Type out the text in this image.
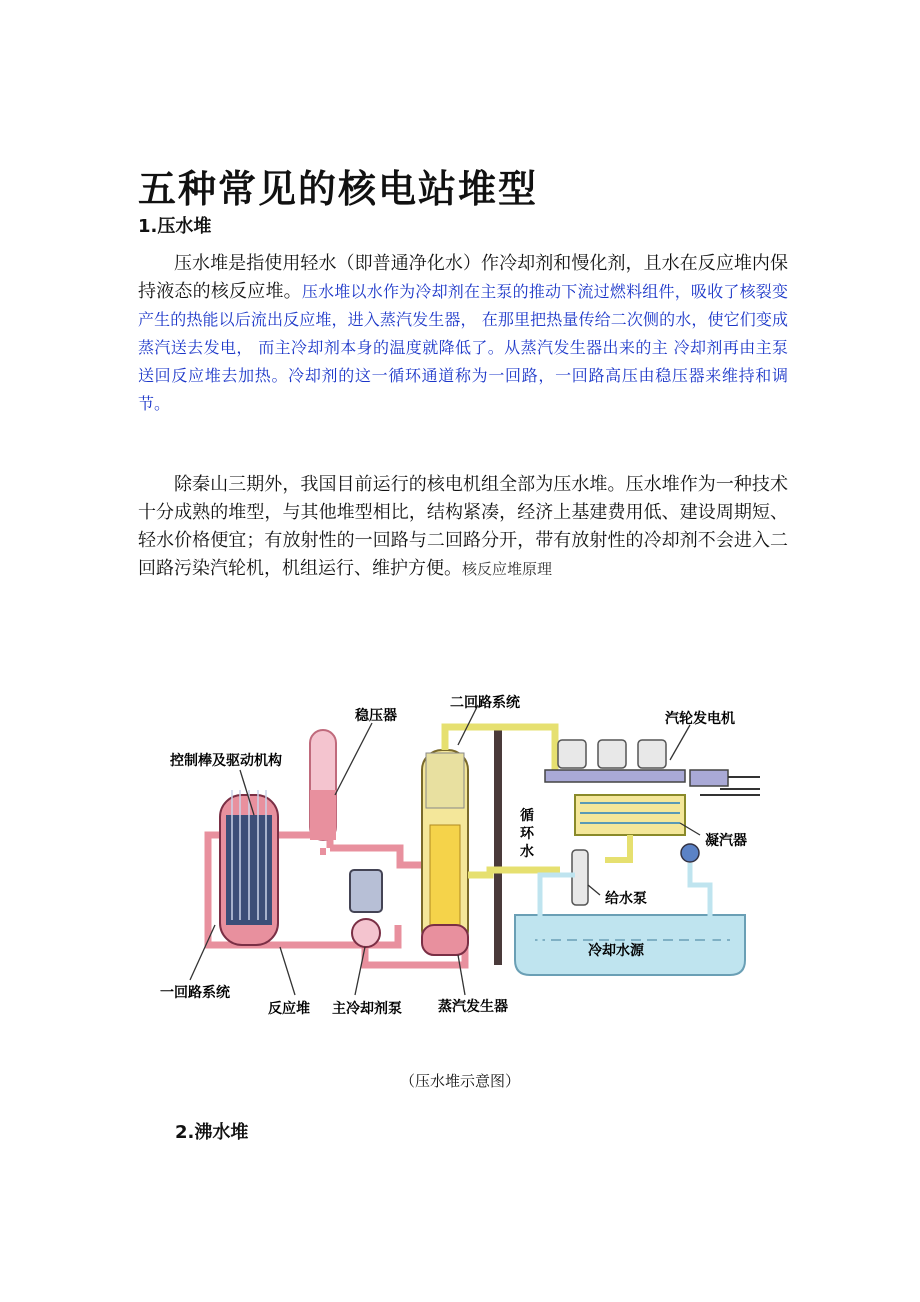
五种常见的核电站堆型
1.压水堆

压水堆是指使用轻水（即普通净化水）作冷却剂和慢化剂，且水在反应堆内保持液态的核反应堆。压水堆以水作为冷却剂在主泵的推动下流过燃料组件，吸收了核裂变产生的热能以后流出反应堆，进入蒸汽发生器， 在那里把热量传给二次侧的水，使它们变成蒸汽送去发电， 而主冷却剂本身的温度就降低了。从蒸汽发生器出来的主 冷却剂再由主泵送回反应堆去加热。冷却剂的这一循环通道称为一回路，一回路高压由稳压器来维持和调节。

除秦山三期外，我国目前运行的核电机组全部为压水堆。压水堆作为一种技术十分成熟的堆型，与其他堆型相比，结构紧凑，经济上基建费用低、建设周期短、轻水价格便宜；有放射性的一回路与二回路分开，带有放射性的冷却剂不会进入二回路污染汽轮机，机组运行、维护方便。核反应堆原理

稳压器
二回路系统
控制棒及驱动机构
汽轮发电机
循
环
水
凝汽器
给水泵
冷却水源
一回路系统
反应堆 主冷却剂泵	蒸汽发生器
（压水堆示意图）
2.沸水堆
